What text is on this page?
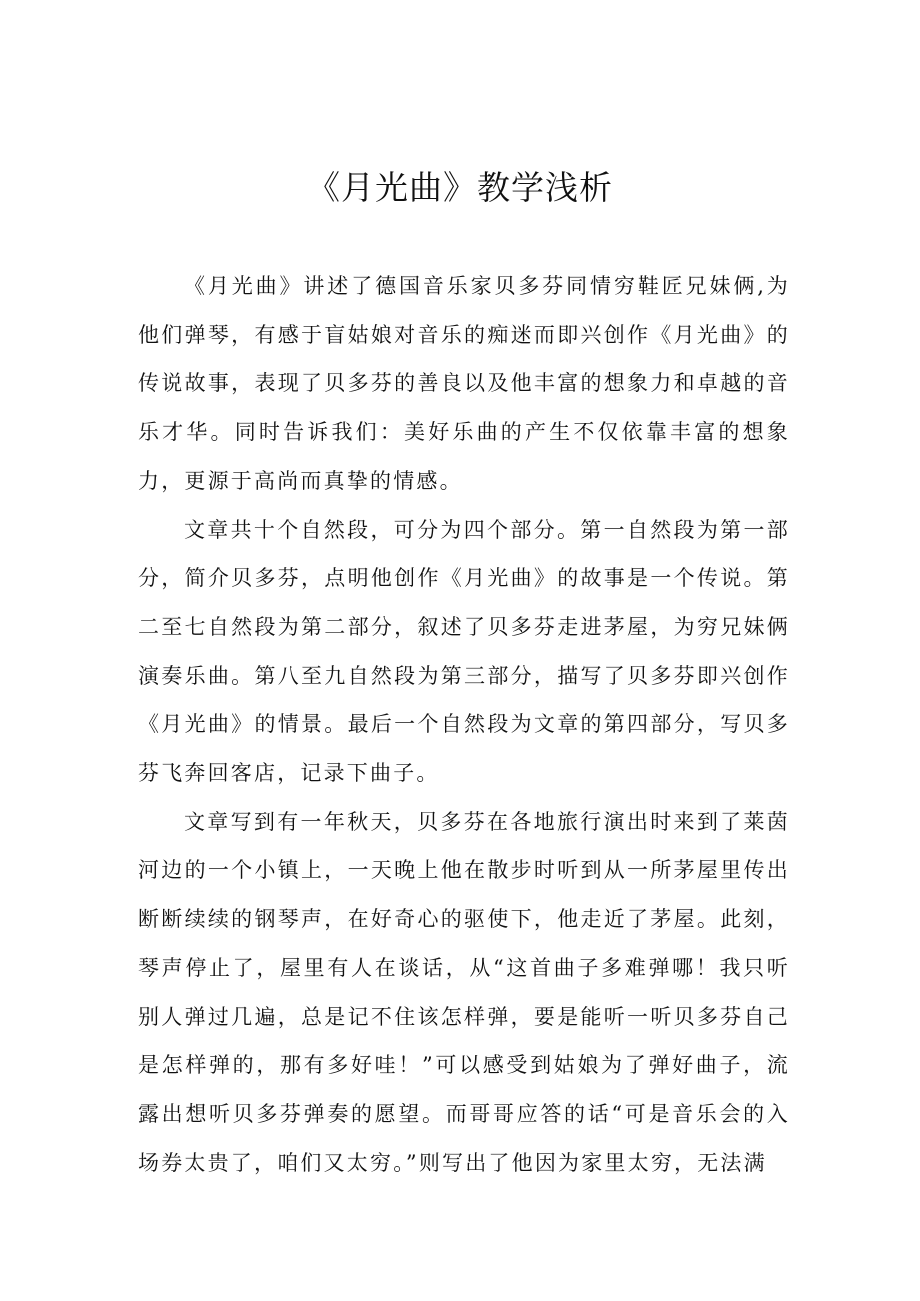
《月光曲》教学浅析

《月光曲》讲述了德国音乐家贝多芬同情穷鞋匠兄妹俩,为他们弹琴，有感于盲姑娘对音乐的痴迷而即兴创作《月光曲》的传说故事，表现了贝多芬的善良以及他丰富的想象力和卓越的音乐才华。同时告诉我们：美好乐曲的产生不仅依靠丰富的想象力，更源于高尚而真挚的情感。

文章共十个自然段，可分为四个部分。第一自然段为第一部分，简介贝多芬，点明他创作《月光曲》的故事是一个传说。第二至七自然段为第二部分，叙述了贝多芬走进茅屋，为穷兄妹俩演奏乐曲。第八至九自然段为第三部分，描写了贝多芬即兴创作《月光曲》的情景。最后一个自然段为文章的第四部分，写贝多芬飞奔回客店，记录下曲子。

文章写到有一年秋天，贝多芬在各地旅行演出时来到了莱茵河边的一个小镇上，一天晚上他在散步时听到从一所茅屋里传出断断续续的钢琴声，在好奇心的驱使下，他走近了茅屋。此刻，琴声停止了，屋里有人在谈话，从“这首曲子多难弹哪！我只听别人弹过几遍，总是记不住该怎样弹，要是能听一听贝多芬自己是怎样弹的，那有多好哇！”可以感受到姑娘为了弹好曲子，流露出想听贝多芬弹奏的愿望。而哥哥应答的话“可是音乐会的入场券太贵了，咱们又太穷。”则写出了他因为家里太穷，无法满
